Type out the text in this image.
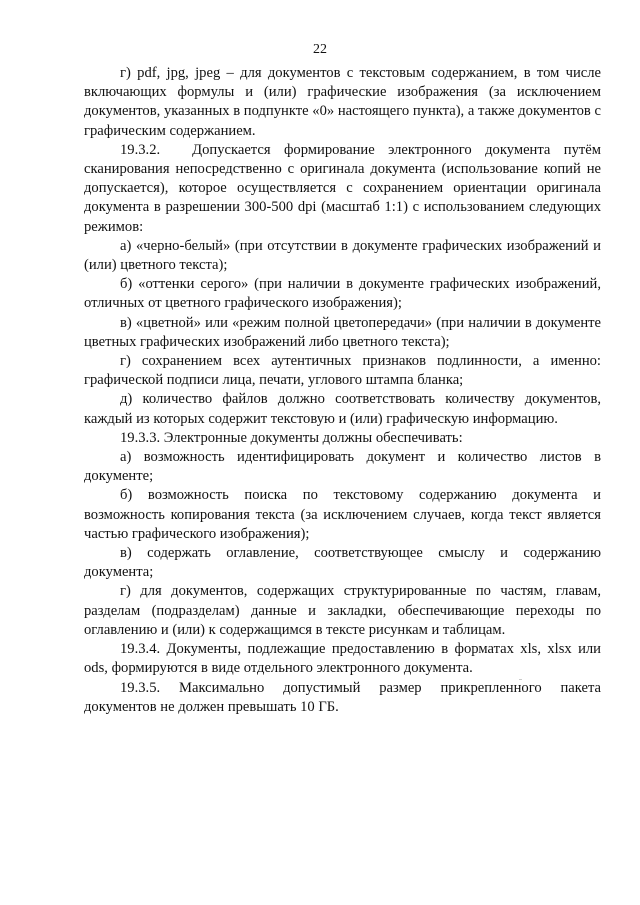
22

г) pdf, jpg, jpeg – для документов с текстовым содержанием, в том числе включающих формулы и (или) графические изображения (за исключением документов, указанных в подпункте «0» настоящего пункта), а также документов с графическим содержанием.

19.3.2. Допускается формирование электронного документа путём сканирования непосредственно с оригинала документа (использование копий не допускается), которое осуществляется с сохранением ориентации оригинала документа в разрешении 300-500 dpi (масштаб 1:1) с использованием следующих режимов:

а) «черно-белый» (при отсутствии в документе графических изображений и (или) цветного текста);

б) «оттенки серого» (при наличии в документе графических изображений, отличных от цветного графического изображения);

в) «цветной» или «режим полной цветопередачи» (при наличии в документе цветных графических изображений либо цветного текста);

г) сохранением всех аутентичных признаков подлинности, а именно: графической подписи лица, печати, углового штампа бланка;

д) количество файлов должно соответствовать количеству документов, каждый из которых содержит текстовую и (или) графическую информацию.

19.3.3. Электронные документы должны обеспечивать:

а) возможность идентифицировать документ и количество листов в документе;

б) возможность поиска по текстовому содержанию документа и возможность копирования текста (за исключением случаев, когда текст является частью графического изображения);

в) содержать оглавление, соответствующее смыслу и содержанию документа;

г) для документов, содержащих структурированные по частям, главам, разделам (подразделам) данные и закладки, обеспечивающие переходы по оглавлению и (или) к содержащимся в тексте рисункам и таблицам.

19.3.4. Документы, подлежащие предоставлению в форматах xls, xlsx или ods, формируются в виде отдельного электронного документа.

19.3.5. Максимально допустимый размер прикрепленного пакета документов не должен превышать 10 ГБ.
